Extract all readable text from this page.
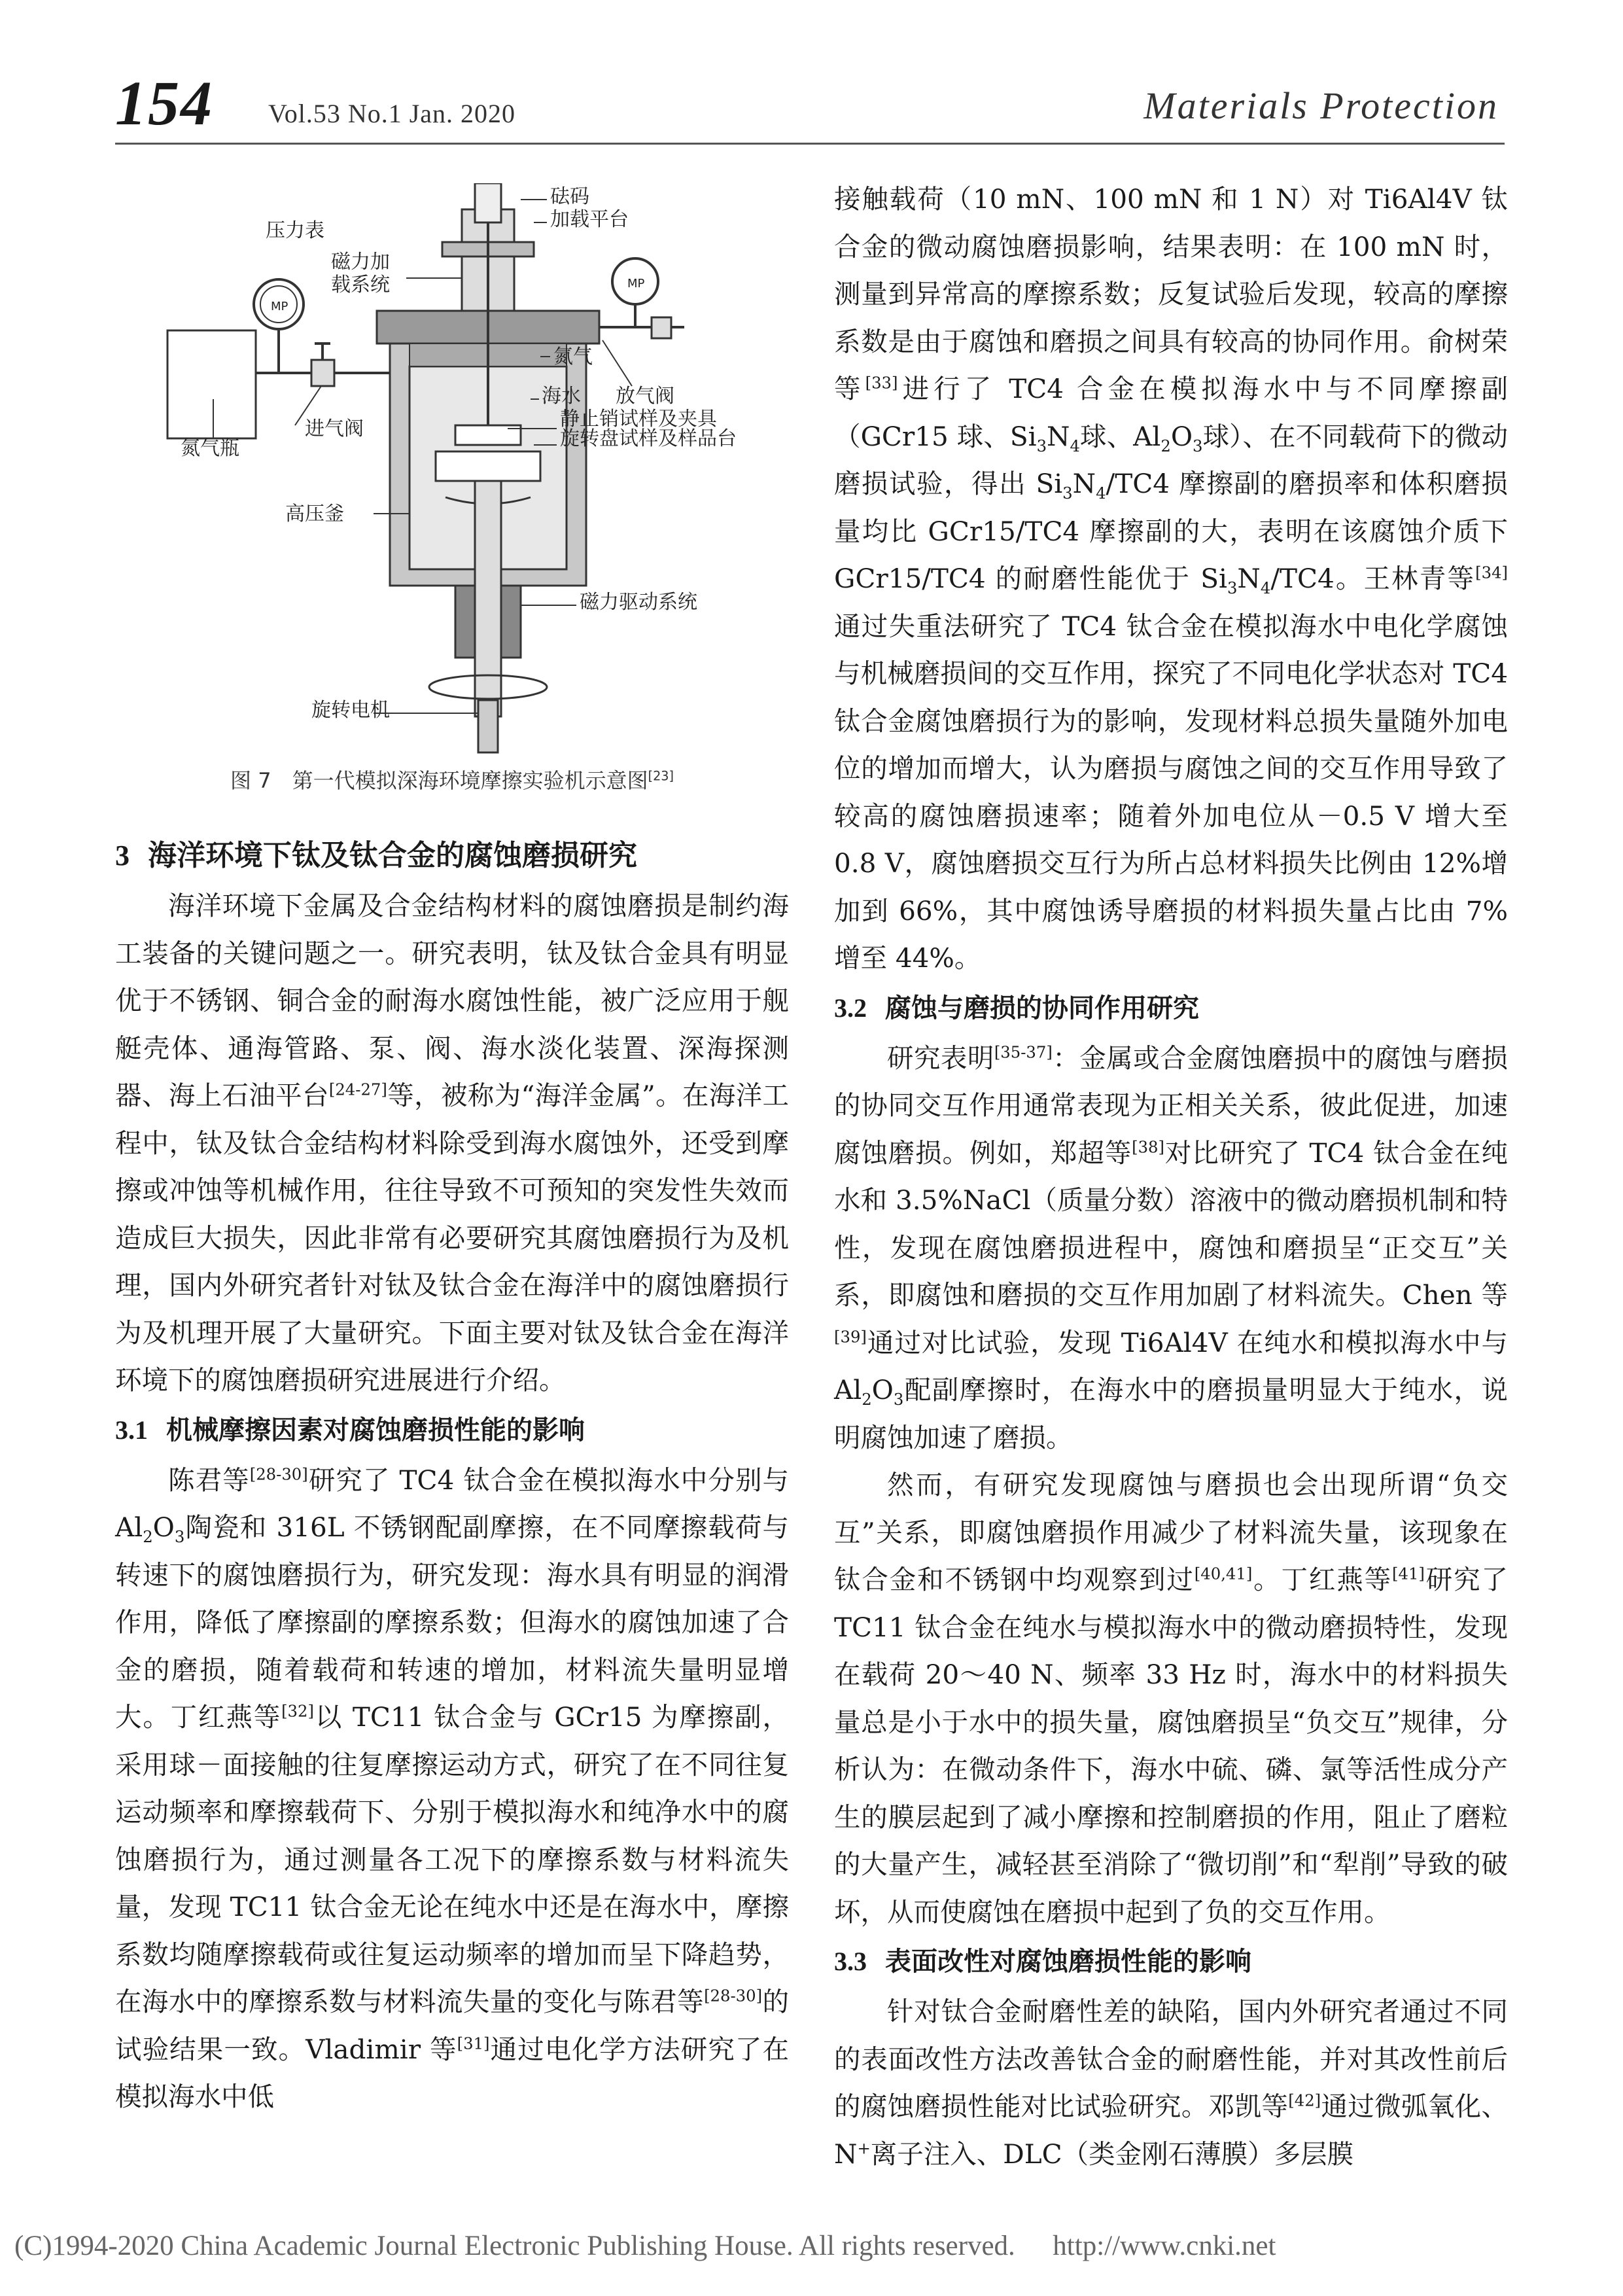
154 Vol.53 No.1 Jan. 2020	Materials Protection
MP
MP
压力表
砝码
加载平台
磁力加
载系统
氮气
氮气瓶
海水
进气阀
放气阀
静止销试样及夹具
旋转盘试样及样品台
高压釜
磁力驱动系统
旋转电机
图 7　第一代模拟深海环境摩擦实验机示意图[23]
3 海洋环境下钛及钛合金的腐蚀磨损研究

海洋环境下金属及合金结构材料的腐蚀磨损是制约海工装备的关键问题之一。研究表明，钛及钛合金具有明显优于不锈钢、铜合金的耐海水腐蚀性能，被广泛应用于舰艇壳体、通海管路、泵、阀、海水淡化装置、深海探测器、海上石油平台[24-27]等，被称为“海洋金属”。在海洋工程中，钛及钛合金结构材料除受到海水腐蚀外，还受到摩擦或冲蚀等机械作用，往往导致不可预知的突发性失效而造成巨大损失，因此非常有必要研究其腐蚀磨损行为及机理，国内外研究者针对钛及钛合金在海洋中的腐蚀磨损行为及机理开展了大量研究。下面主要对钛及钛合金在海洋环境下的腐蚀磨损研究进展进行介绍。

3.1 机械摩擦因素对腐蚀磨损性能的影响

陈君等[28-30]研究了 TC4 钛合金在模拟海水中分别与 $Al_2O_3$陶瓷和 316L 不锈钢配副摩擦，在不同摩擦载荷与转速下的腐蚀磨损行为，研究发现：海水具有明显的润滑作用，降低了摩擦副的摩擦系数；但海水的腐蚀加速了合金的磨损，随着载荷和转速的增加，材料流失量明显增大。丁红燕等[32]以 TC11 钛合金与 GCr15 为摩擦副，采用球－面接触的往复摩擦运动方式，研究了在不同往复运动频率和摩擦载荷下、分别于模拟海水和纯净水中的腐蚀磨损行为，通过测量各工况下的摩擦系数与材料流失量，发现 TC11 钛合金无论在纯水中还是在海水中，摩擦系数均随摩擦载荷或往复运动频率的增加而呈下降趋势，在海水中的摩擦系数与材料流失量的变化与陈君等[28-30]的试验结果一致。Vladimir 等[31]通过电化学方法研究了在模拟海水中低

接触载荷（10 mN、100 mN 和 1 N）对 Ti6Al4V 钛合金的微动腐蚀磨损影响，结果表明：在 100 mN 时，测量到异常高的摩擦系数；反复试验后发现，较高的摩擦系数是由于腐蚀和磨损之间具有较高的协同作用。俞树荣等[33]进行了 TC4 合金在模拟海水中与不同摩擦副（GCr15 球、$Si_3N_4$球、$Al_2O_3$球）、在不同载荷下的微动磨损试验，得出 $Si_3N_4/TC4$ 摩擦副的磨损率和体积磨损量均比 GCr15/TC4 摩擦副的大，表明在该腐蚀介质下 GCr15/TC4 的耐磨性能优于 $Si_3N_4/TC4$。王林青等[34]通过失重法研究了 TC4 钛合金在模拟海水中电化学腐蚀与机械磨损间的交互作用，探究了不同电化学状态对 TC4 钛合金腐蚀磨损行为的影响，发现材料总损失量随外加电位的增加而增大，认为磨损与腐蚀之间的交互作用导致了较高的腐蚀磨损速率；随着外加电位从－0.5 V 增大至 0.8 V，腐蚀磨损交互行为所占总材料损失比例由 12%增加到 66%，其中腐蚀诱导磨损的材料损失量占比由 7%增至 44%。

3.2 腐蚀与磨损的协同作用研究

研究表明[35-37]：金属或合金腐蚀磨损中的腐蚀与磨损的协同交互作用通常表现为正相关关系，彼此促进，加速腐蚀磨损。例如，郑超等[38]对比研究了 TC4 钛合金在纯水和 3.5%NaCl（质量分数）溶液中的微动磨损机制和特性，发现在腐蚀磨损进程中，腐蚀和磨损呈“正交互”关系，即腐蚀和磨损的交互作用加剧了材料流失。Chen 等[39]通过对比试验，发现 Ti6Al4V 在纯水和模拟海水中与 $Al_2O_3$配副摩擦时，在海水中的磨损量明显大于纯水，说明腐蚀加速了磨损。

然而，有研究发现腐蚀与磨损也会出现所谓“负交互”关系，即腐蚀磨损作用减少了材料流失量，该现象在钛合金和不锈钢中均观察到过[40,41]。丁红燕等[41]研究了 TC11 钛合金在纯水与模拟海水中的微动磨损特性，发现在载荷 20～40 N、频率 33 Hz 时，海水中的材料损失量总是小于水中的损失量，腐蚀磨损呈“负交互”规律，分析认为：在微动条件下，海水中硫、磷、氯等活性成分产生的膜层起到了减小摩擦和控制磨损的作用，阻止了磨粒的大量产生，减轻甚至消除了“微切削”和“犁削”导致的破坏，从而使腐蚀在磨损中起到了负的交互作用。

3.3 表面改性对腐蚀磨损性能的影响

针对钛合金耐磨性差的缺陷，国内外研究者通过不同的表面改性方法改善钛合金的耐磨性能，并对其改性前后的腐蚀磨损性能对比试验研究。邓凯等[42]通过微弧氧化、N+离子注入、DLC（类金刚石薄膜）多层膜

(C)1994-2020 China Academic Journal Electronic Publishing House. All rights reserved. http://www.cnki.net
